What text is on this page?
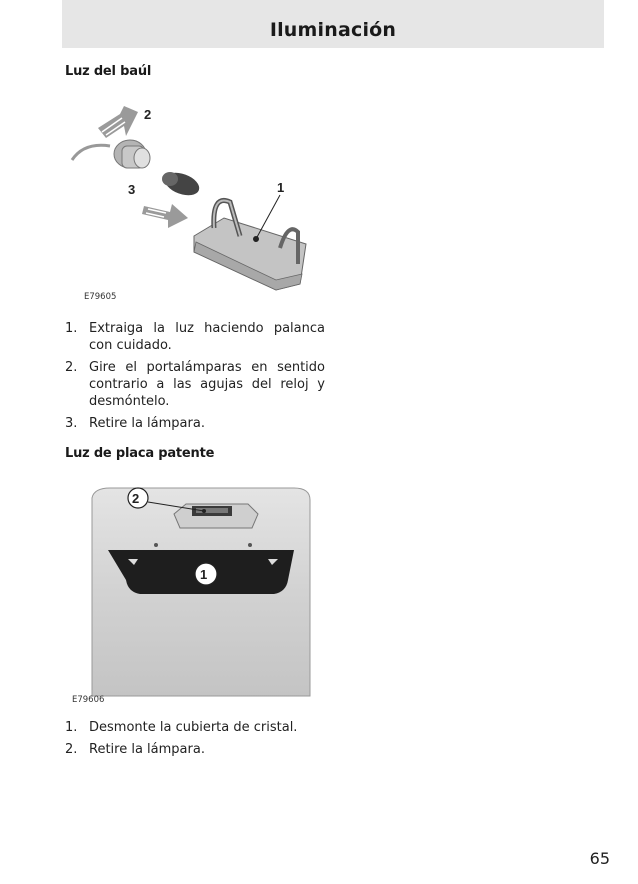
Iluminación
Luz del baúl
2
3	1
E79605
1. Extraiga la luz haciendo palanca con cuidado.
2. Gire el portalámparas en sentido contrario a las agujas del reloj y desmóntelo.
3. Retire la lámpara.
Luz de placa patente
2
1
E79606
1. Desmonte la cubierta de cristal.
2. Retire la lámpara.
65
